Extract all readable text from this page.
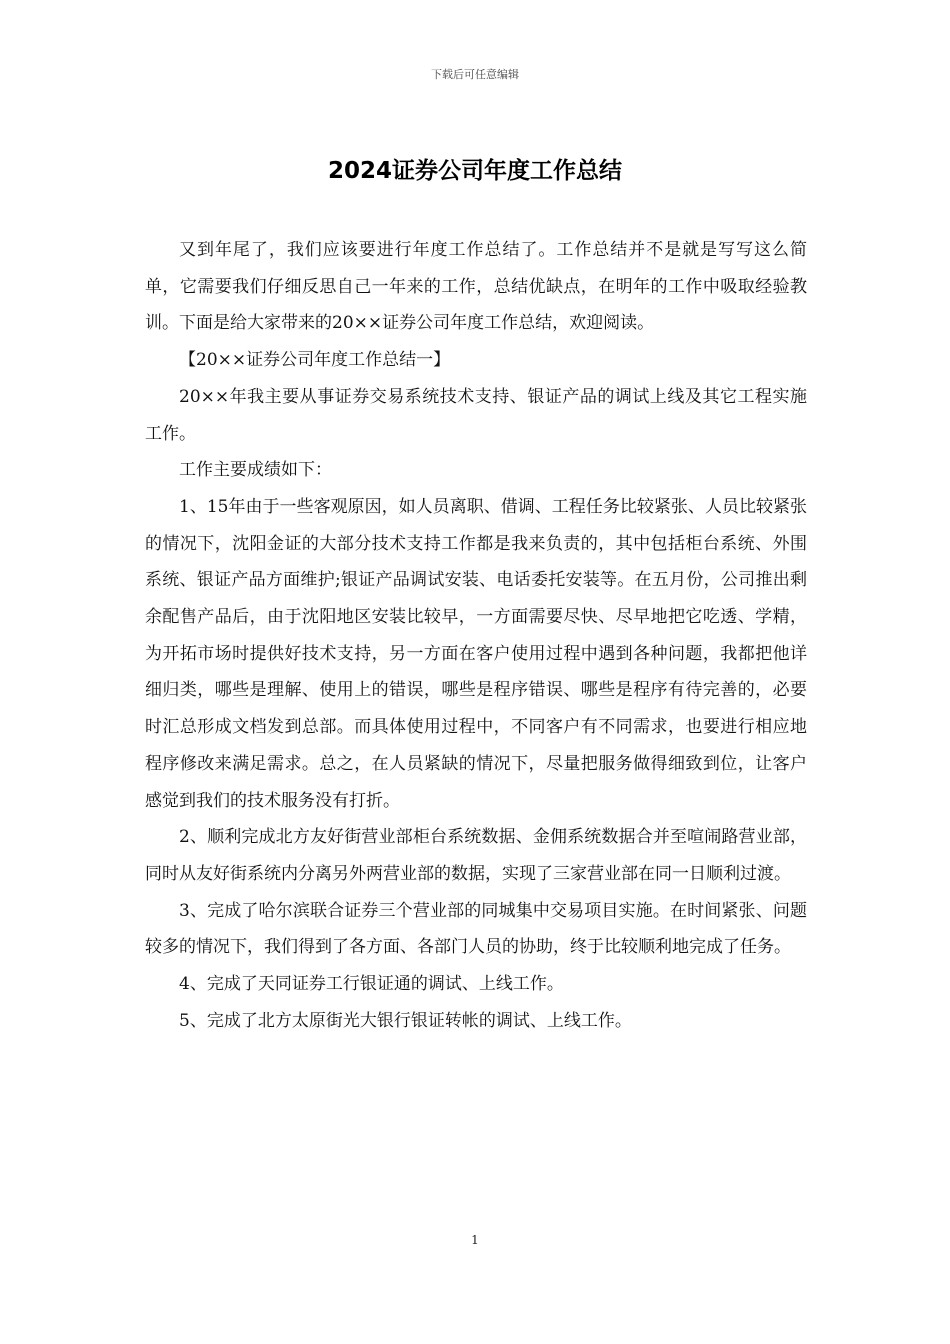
下载后可任意编辑
2024证券公司年度工作总结

又到年尾了，我们应该要进行年度工作总结了。工作总结并不是就是写写这么简单，它需要我们仔细反思自己一年来的工作，总结优缺点，在明年的工作中吸取经验教训。下面是给大家带来的20××证券公司年度工作总结，欢迎阅读。

【20××证券公司年度工作总结一】

20××年我主要从事证券交易系统技术支持、银证产品的调试上线及其它工程实施工作。

工作主要成绩如下：

1、15年由于一些客观原因，如人员离职、借调、工程任务比较紧张、人员比较紧张的情况下，沈阳金证的大部分技术支持工作都是我来负责的，其中包括柜台系统、外围系统、银证产品方面维护;银证产品调试安装、电话委托安装等。在五月份，公司推出剩余配售产品后，由于沈阳地区安装比较早，一方面需要尽快、尽早地把它吃透、学精，为开拓市场时提供好技术支持，另一方面在客户使用过程中遇到各种问题，我都把他详细归类，哪些是理解、使用上的错误，哪些是程序错误、哪些是程序有待完善的，必要时汇总形成文档发到总部。而具体使用过程中，不同客户有不同需求，也要进行相应地程序修改来满足需求。总之，在人员紧缺的情况下，尽量把服务做得细致到位，让客户感觉到我们的技术服务没有打折。

2、顺利完成北方友好街营业部柜台系统数据、金佣系统数据合并至喧闹路营业部，同时从友好街系统内分离另外两营业部的数据，实现了三家营业部在同一日顺利过渡。

3、完成了哈尔滨联合证券三个营业部的同城集中交易项目实施。在时间紧张、问题较多的情况下，我们得到了各方面、各部门人员的协助，终于比较顺利地完成了任务。

4、完成了天同证券工行银证通的调试、上线工作。

5、完成了北方太原街光大银行银证转帐的调试、上线工作。

1
